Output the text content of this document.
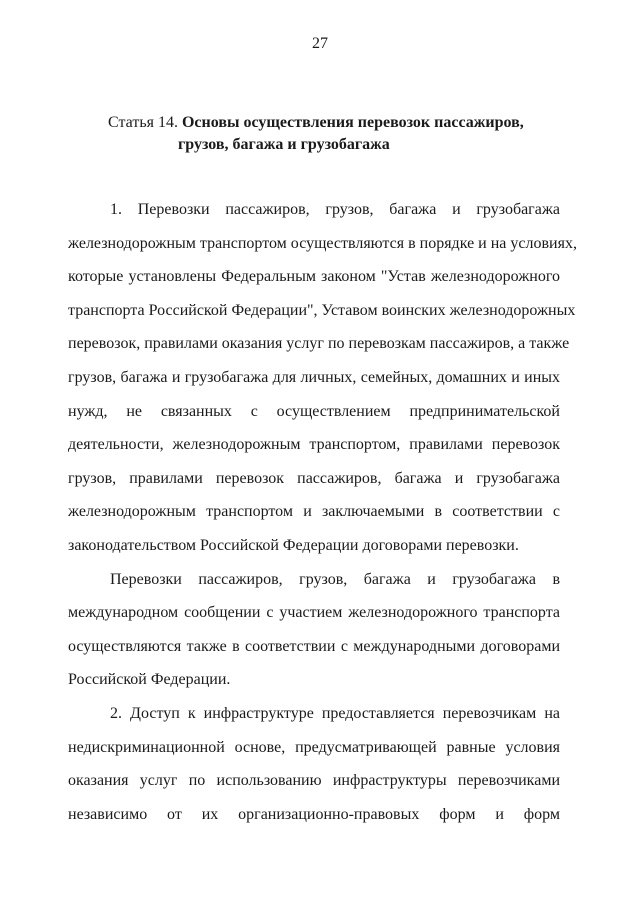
27
Статья 14. Основы осуществления перевозок пассажиров,
грузов, багажа и грузобагажа
1. Перевозки пассажиров, грузов, багажа и грузобагажа
железнодорожным транспортом осуществляются в порядке и на условиях,
которые установлены Федеральным законом "Устав железнодорожного
транспорта Российской Федерации", Уставом воинских железнодорожных
перевозок, правилами оказания услуг по перевозкам пассажиров, а также
грузов, багажа и грузобагажа для личных, семейных, домашних и иных
нужд, не связанных с осуществлением предпринимательской
деятельности, железнодорожным транспортом, правилами перевозок
грузов, правилами перевозок пассажиров, багажа и грузобагажа
железнодорожным транспортом и заключаемыми в соответствии с
законодательством Российской Федерации договорами перевозки.
Перевозки пассажиров, грузов, багажа и грузобагажа в
международном сообщении с участием железнодорожного транспорта
осуществляются также в соответствии с международными договорами
Российской Федерации.
2. Доступ к инфраструктуре предоставляется перевозчикам на
недискриминационной основе, предусматривающей равные условия
оказания услуг по использованию инфраструктуры перевозчиками
независимо от их организационно-правовых форм и форм
